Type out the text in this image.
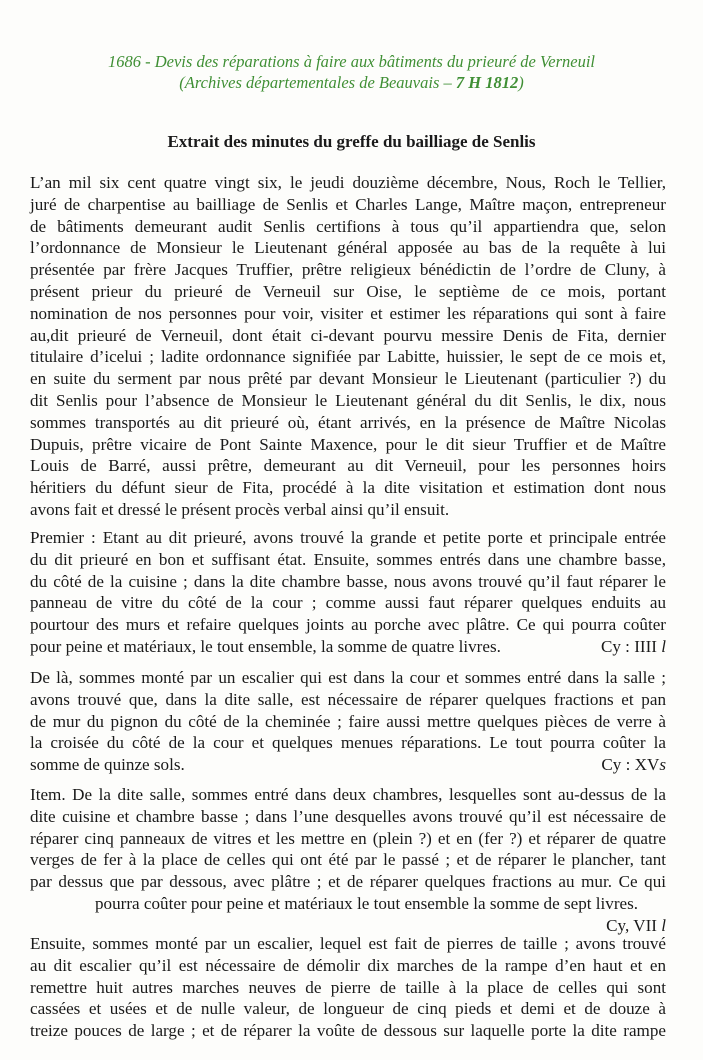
1686 - Devis des réparations à faire aux bâtiments du prieuré de Verneuil
(Archives départementales de Beauvais – 7 H 1812)
Extrait des minutes du greffe du bailliage de Senlis
L’an mil six cent quatre vingt six, le jeudi douzième décembre, Nous, Roch le Tellier,
juré de charpentise au bailliage de Senlis et Charles Lange, Maître maçon, entrepreneur
de bâtiments demeurant audit Senlis certifions à tous qu’il appartiendra que, selon
l’ordonnance de Monsieur le Lieutenant général apposée au bas de la requête à lui
présentée par frère Jacques Truffier, prêtre religieux bénédictin de l’ordre de Cluny, à
présent prieur du prieuré de Verneuil sur Oise, le septième de ce mois, portant
nomination de nos personnes pour voir, visiter et estimer les réparations qui sont à faire
au,dit prieuré de Verneuil, dont était ci-devant pourvu messire Denis de Fita, dernier
titulaire d’icelui ; ladite ordonnance signifiée par Labitte, huissier, le sept de ce mois et,
en suite du serment par nous prêté par devant Monsieur le Lieutenant (particulier ?) du
dit Senlis pour l’absence de Monsieur le Lieutenant général du dit Senlis, le dix, nous
sommes transportés au dit prieuré où, étant arrivés, en la présence de Maître Nicolas
Dupuis, prêtre vicaire de Pont Sainte Maxence, pour le dit sieur Truffier et de Maître
Louis de Barré, aussi prêtre, demeurant au dit Verneuil, pour les personnes hoirs
héritiers du défunt sieur de Fita, procédé à la dite visitation et estimation dont nous
avons fait et dressé le présent procès verbal ainsi qu’il ensuit.
Premier : Etant au dit prieuré, avons trouvé la grande et petite porte et principale entrée
du dit prieuré en bon et suffisant état. Ensuite, sommes entrés dans une chambre basse,
du côté de la cuisine ; dans la dite chambre basse, nous avons trouvé qu’il faut réparer le
panneau de vitre du côté de la cour ; comme aussi faut réparer quelques enduits au
pourtour des murs et refaire quelques joints au porche avec plâtre. Ce qui pourra coûter
pour peine et matériaux, le tout ensemble, la somme de quatre livres.	Cy : IIII l
De là, sommes monté par un escalier qui est dans la cour et sommes entré dans la salle ;
avons trouvé que, dans la dite salle, est nécessaire de réparer quelques fractions et pan
de mur du pignon du côté de la cheminée ; faire aussi mettre quelques pièces de verre à
la croisée du côté de la cour et quelques menues réparations. Le tout pourra coûter la
somme de quinze sols.	Cy : XVs
Item. De la dite salle, sommes entré dans deux chambres, lesquelles sont au-dessus de la
dite cuisine et chambre basse ; dans l’une desquelles avons trouvé qu’il est nécessaire de
réparer cinq panneaux de vitres et les mettre en (plein ?) et en (fer ?) et réparer de quatre
verges de fer à la place de celles qui ont été par le passé ; et de réparer le plancher, tant
par dessus que par dessous, avec plâtre ; et de réparer quelques fractions au mur. Ce qui
pourra coûter pour peine et matériaux le tout ensemble la somme de sept livres.
Cy, VII l
Ensuite, sommes monté par un escalier, lequel est fait de pierres de taille ; avons trouvé
au dit escalier qu’il est nécessaire de démolir dix marches de la rampe d’en haut et en
remettre huit autres marches neuves de pierre de taille à la place de celles qui sont
cassées et usées et de nulle valeur, de longueur de cinq pieds et demi et de douze à
treize pouces de large ; et de réparer la voûte de dessous sur laquelle porte la dite rampe
